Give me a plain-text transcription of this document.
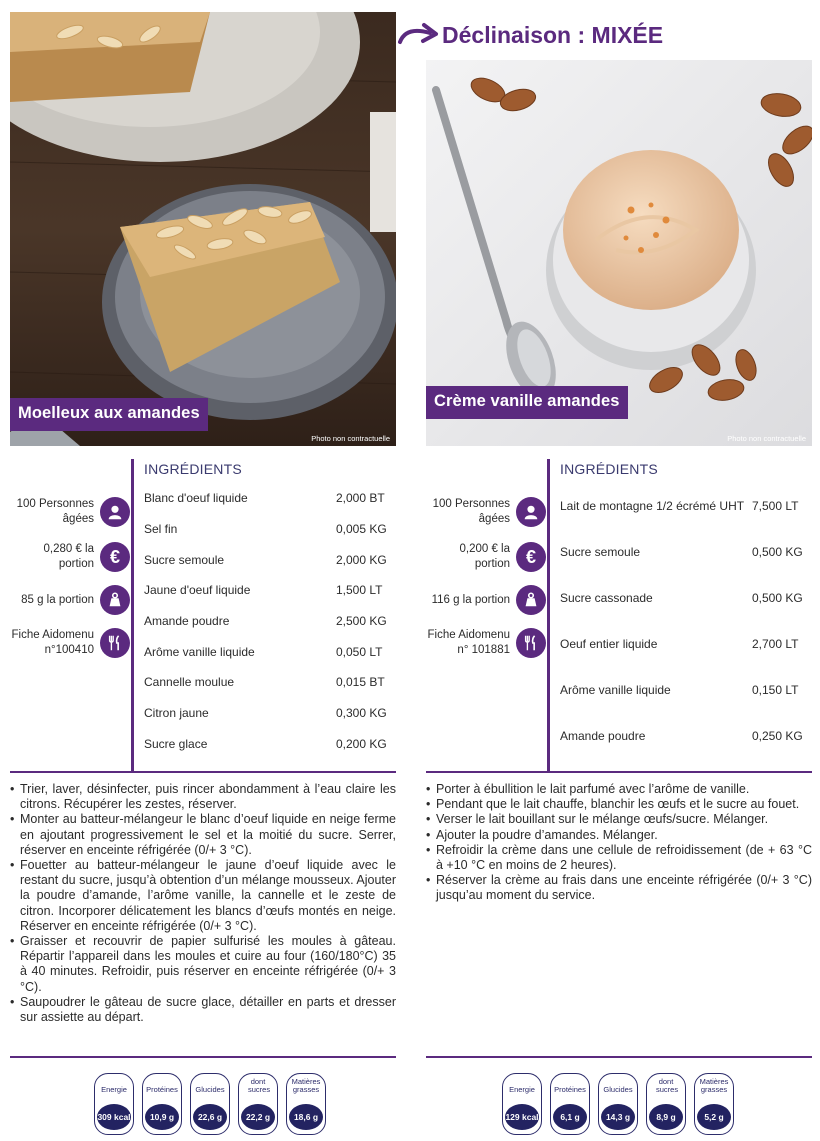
Moelleux aux amandes
Photo non contractuelle
100 Personnes âgées
0,280 € la portion €
85 g la portion
Fiche Aidomenu n°100410
INGRÉDIENTS
Blanc d'oeuf liquide	2,000 BT
Sel fin	0,005 KG
Sucre semoule	2,000 KG
Jaune d'oeuf liquide	1,500 LT
Amande poudre	2,500 KG
Arôme vanille liquide	0,050 LT
Cannelle moulue	0,015 BT
Citron jaune	0,300 KG
Sucre glace	0,200 KG
• Trier, laver, désinfecter, puis rincer abondamment à l’eau claire les citrons. Récupérer les zestes, réserver.
• Monter au batteur-mélangeur le blanc d’oeuf liquide en neige ferme en ajoutant progressivement le sel et la moitié du sucre. Serrer, réserver en enceinte réfrigérée (0/+ 3 °C).
• Fouetter au batteur-mélangeur le jaune d’oeuf liquide avec le restant du sucre, jusqu’à obtention d’un mélange mousseux. Ajouter la poudre d’amande, l’arôme vanille, la cannelle et le zeste de citron. Incorporer délicatement les blancs d’œufs montés en neige. Réserver en enceinte réfrigérée (0/+ 3 °C).
• Graisser et recouvrir de papier sulfurisé les moules à gâteau. Répartir l’appareil dans les moules et cuire au four (160/180°C) 35 à 40 minutes. Refroidir, puis réserver en enceinte réfrigérée (0/+ 3 °C).
• Saupoudrer le gâteau de sucre glace, détailler en parts et dresser sur assiette au départ.
Energie
309 kcal
Protéines
10,9 g
Glucides
22,6 g
dont sucres
22,2 g
Matières grasses
18,6 g
Déclinaison : MIXÉE
Crème vanille amandes
Photo non contractuelle
100 Personnes âgées
0,200 € la portion €
116 g la portion
Fiche Aidomenu n° 101881
INGRÉDIENTS
Lait de montagne 1/2 écrémé UHT 7,500 LT
Sucre semoule	0,500 KG
Sucre cassonade	0,500 KG
Oeuf entier liquide	2,700 LT
Arôme vanille liquide	0,150 LT
Amande poudre	0,250 KG
• Porter à ébullition le lait parfumé avec l’arôme de vanille.
• Pendant que le lait chauffe, blanchir les œufs et le sucre au fouet.
• Verser le lait bouillant sur le mélange œufs/sucre. Mélanger.
• Ajouter la poudre d’amandes. Mélanger.
• Refroidir la crème dans une cellule de refroidissement (de + 63 °C à +10 °C en moins de 2 heures).
• Réserver la crème au frais dans une enceinte réfrigérée (0/+ 3 °C) jusqu’au moment du service.
Energie
129 kcal
Protéines
6,1 g
Glucides
14,3 g
dont sucres
8,9 g
Matières grasses
5,2 g
